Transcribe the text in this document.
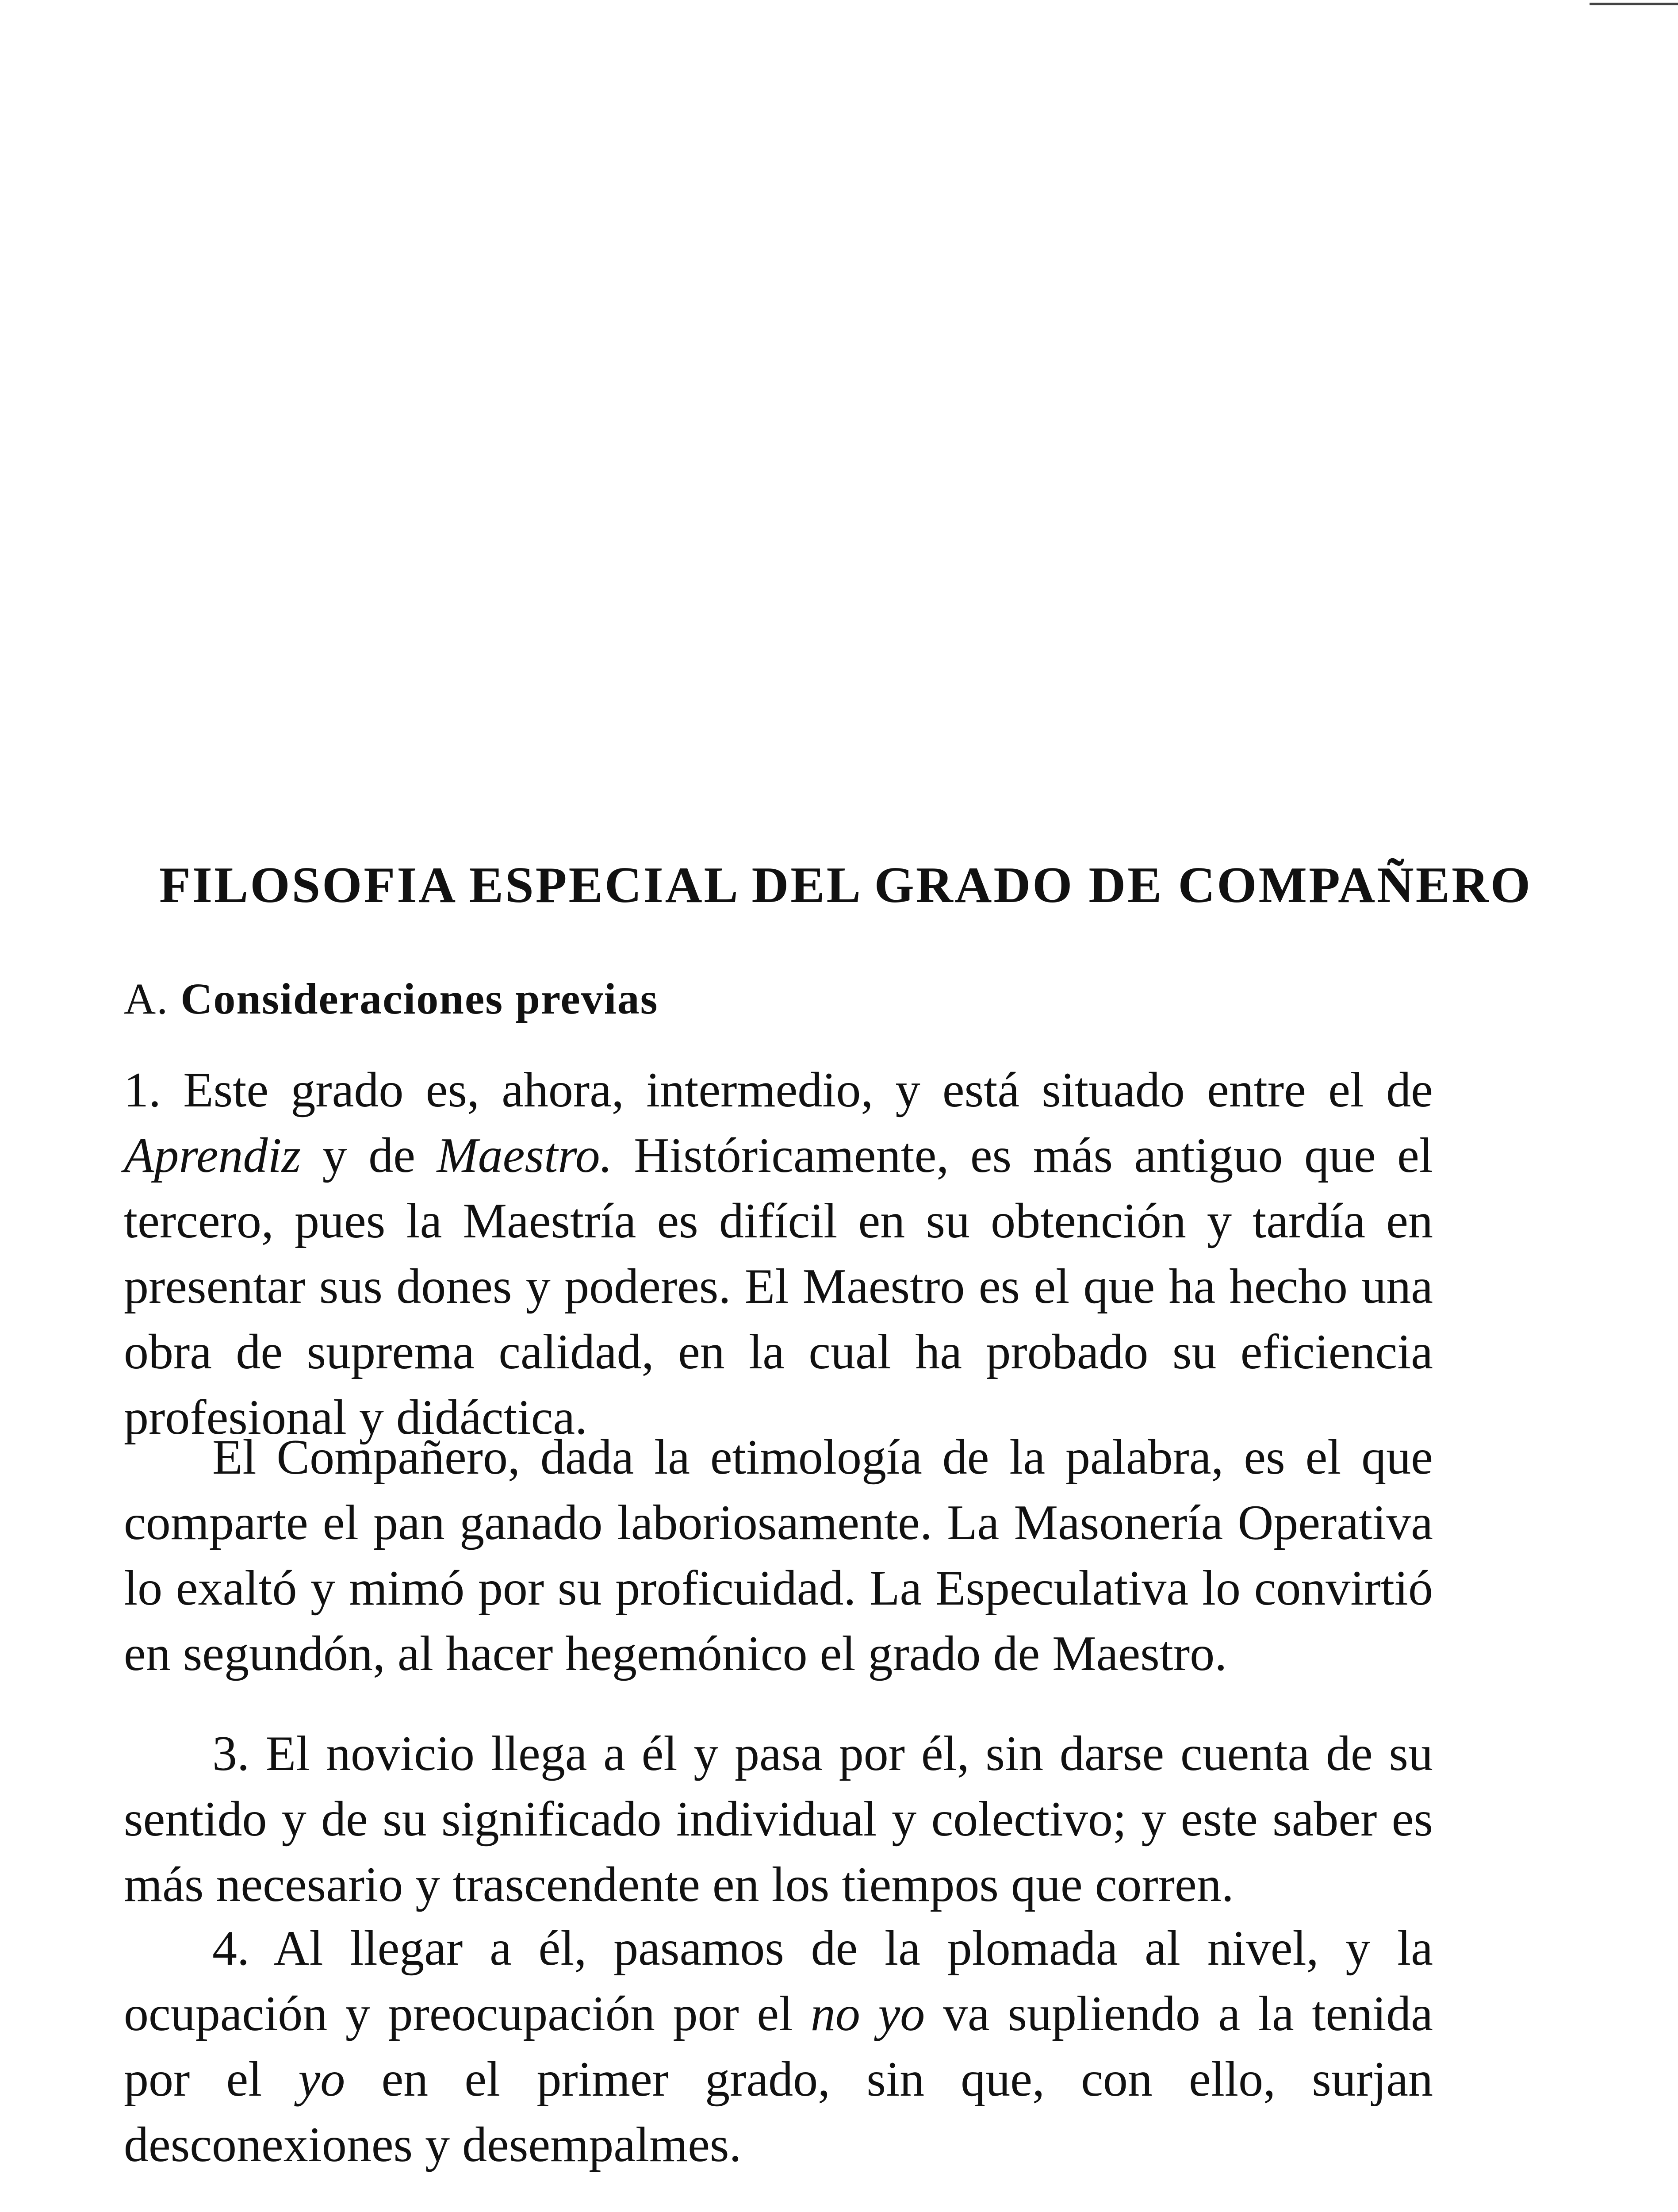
FILOSOFIA ESPECIAL DEL GRADO DE COMPAÑERO
A. Consideraciones previas

1. Este grado es, ahora, intermedio, y está situado entre el de Aprendiz y de Maestro. Históricamente, es más antiguo que el tercero, pues la Maestría es difícil en su obtención y tardía en presentar sus dones y poderes. El Maestro es el que ha hecho una obra de suprema calidad, en la cual ha probado su eficiencia profesional y didáctica.

El Compañero, dada la etimología de la palabra, es el que comparte el pan ganado laboriosamente. La Masonería Operativa lo exaltó y mimó por su proficuidad. La Especulativa lo convirtió en segundón, al hacer hegemónico el grado de Maestro.

3. El novicio llega a él y pasa por él, sin darse cuenta de su sentido y de su significado individual y colectivo; y este saber es más necesario y trascendente en los tiempos que corren.

4. Al llegar a él, pasamos de la plomada al nivel, y la ocupación y preocupación por el no yo va supliendo a la tenida por el yo en el primer grado, sin que, con ello, surjan desconexiones y desempalmes.
